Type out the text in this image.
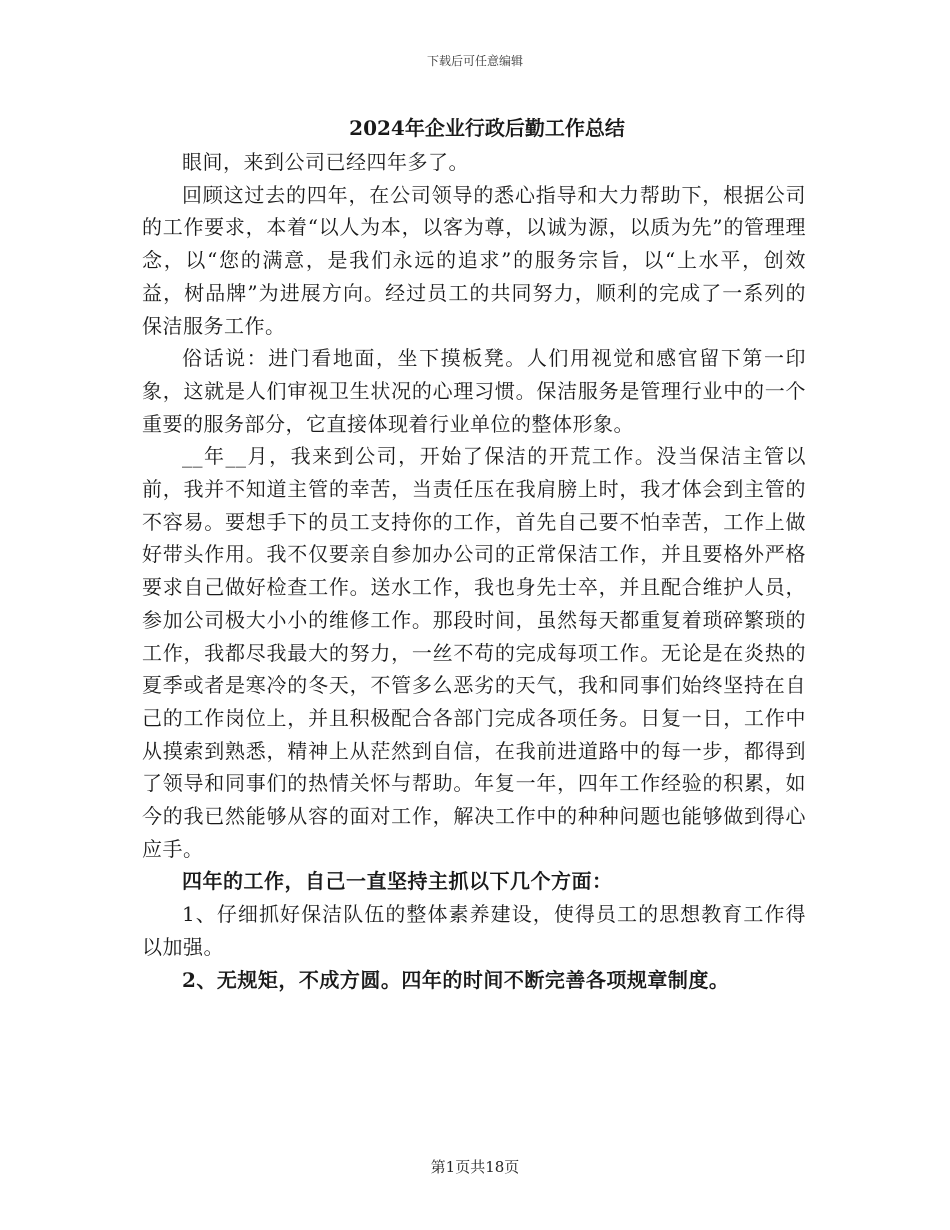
下载后可任意编辑
2024年企业行政后勤工作总结

眼间，来到公司已经四年多了。

回顾这过去的四年，在公司领导的悉心指导和大力帮助下，根据公司的工作要求，本着“以人为本，以客为尊，以诚为源，以质为先”的管理理念，以“您的满意，是我们永远的追求”的服务宗旨，以“上水平，创效益，树品牌”为进展方向。经过员工的共同努力，顺利的完成了一系列的保洁服务工作。

俗话说：进门看地面，坐下摸板凳。人们用视觉和感官留下第一印象，这就是人们审视卫生状况的心理习惯。保洁服务是管理行业中的一个重要的服务部分，它直接体现着行业单位的整体形象。

__年__月，我来到公司，开始了保洁的开荒工作。没当保洁主管以前，我并不知道主管的幸苦，当责任压在我肩膀上时，我才体会到主管的不容易。要想手下的员工支持你的工作，首先自己要不怕幸苦，工作上做好带头作用。我不仅要亲自参加办公司的正常保洁工作，并且要格外严格要求自己做好检查工作。送水工作，我也身先士卒，并且配合维护人员，参加公司极大小小的维修工作。那段时间，虽然每天都重复着琐碎繁琐的工作，我都尽我最大的努力，一丝不苟的完成每项工作。无论是在炎热的夏季或者是寒冷的冬天，不管多么恶劣的天气，我和同事们始终坚持在自己的工作岗位上，并且积极配合各部门完成各项任务。日复一日，工作中从摸索到熟悉，精神上从茫然到自信，在我前进道路中的每一步，都得到了领导和同事们的热情关怀与帮助。年复一年，四年工作经验的积累，如今的我已然能够从容的面对工作，解决工作中的种种问题也能够做到得心应手。

四年的工作，自己一直坚持主抓以下几个方面：

1、仔细抓好保洁队伍的整体素养建设，使得员工的思想教育工作得以加强。

2、无规矩，不成方圆。四年的时间不断完善各项规章制度。

第1页共18页
